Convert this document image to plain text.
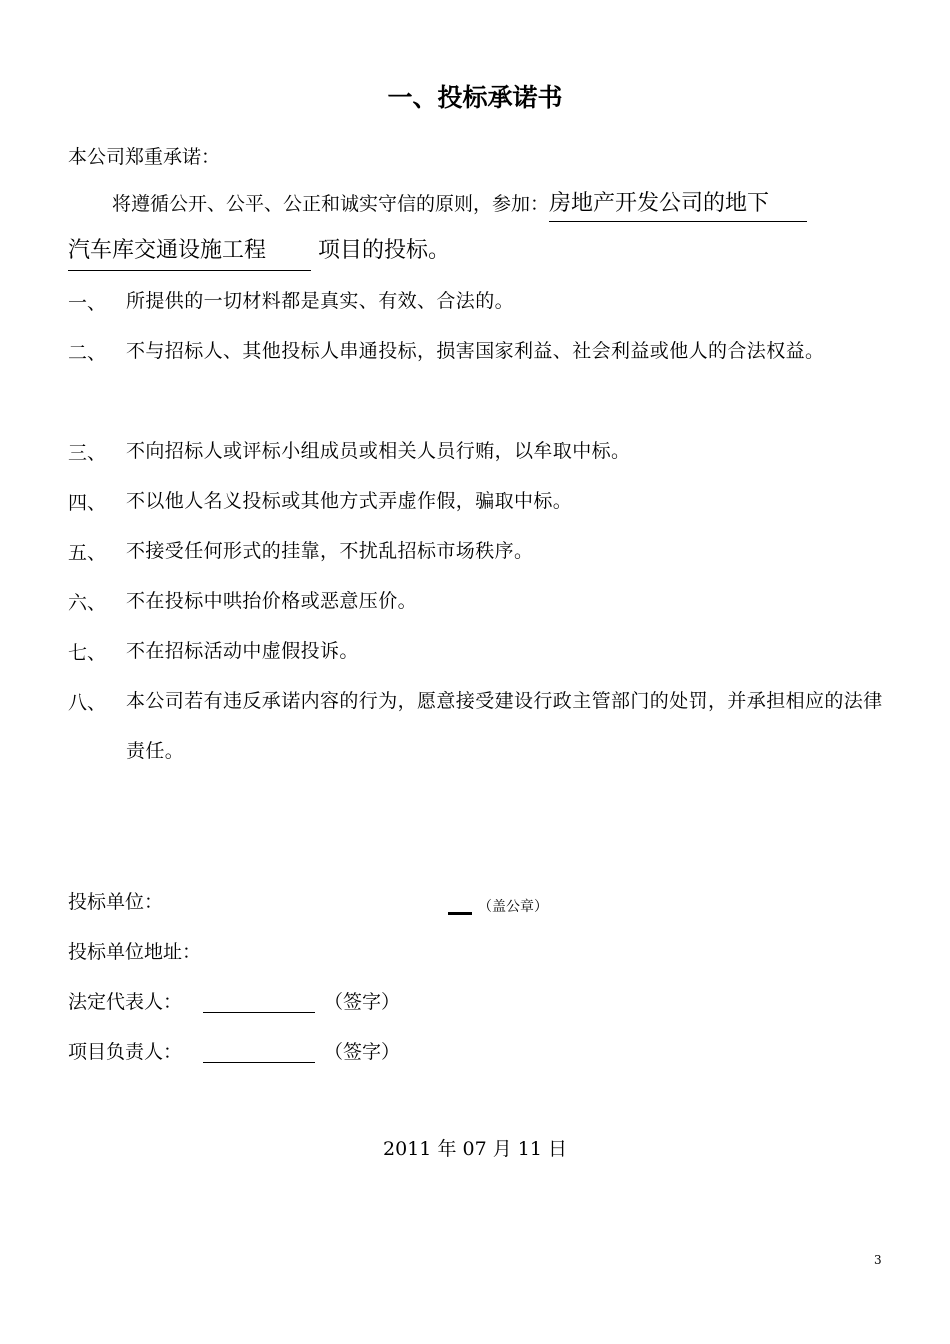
一、投标承诺书
本公司郑重承诺：
将遵循公开、公平、公正和诚实守信的原则，参加：房地产开发公司的地下
汽车库交通设施工程 项目的投标。
一、 所提供的一切材料都是真实、有效、合法的。
二、 不与招标人、其他投标人串通投标，损害国家利益、社会利益或他人的合法权益。
三、 不向招标人或评标小组成员或相关人员行贿，以牟取中标。
四、 不以他人名义投标或其他方式弄虚作假，骗取中标。
五、 不接受任何形式的挂靠，不扰乱招标市场秩序。
六、 不在投标中哄抬价格或恶意压价。
七、 不在招标活动中虚假投诉。
八、 本公司若有违反承诺内容的行为，愿意接受建设行政主管部门的处罚，并承担相应的法律责任。
投标单位：	（盖公章）
投标单位地址：
法定代表人：	（签字）
项目负责人：	（签字）
2011 年 07 月 11 日
3
